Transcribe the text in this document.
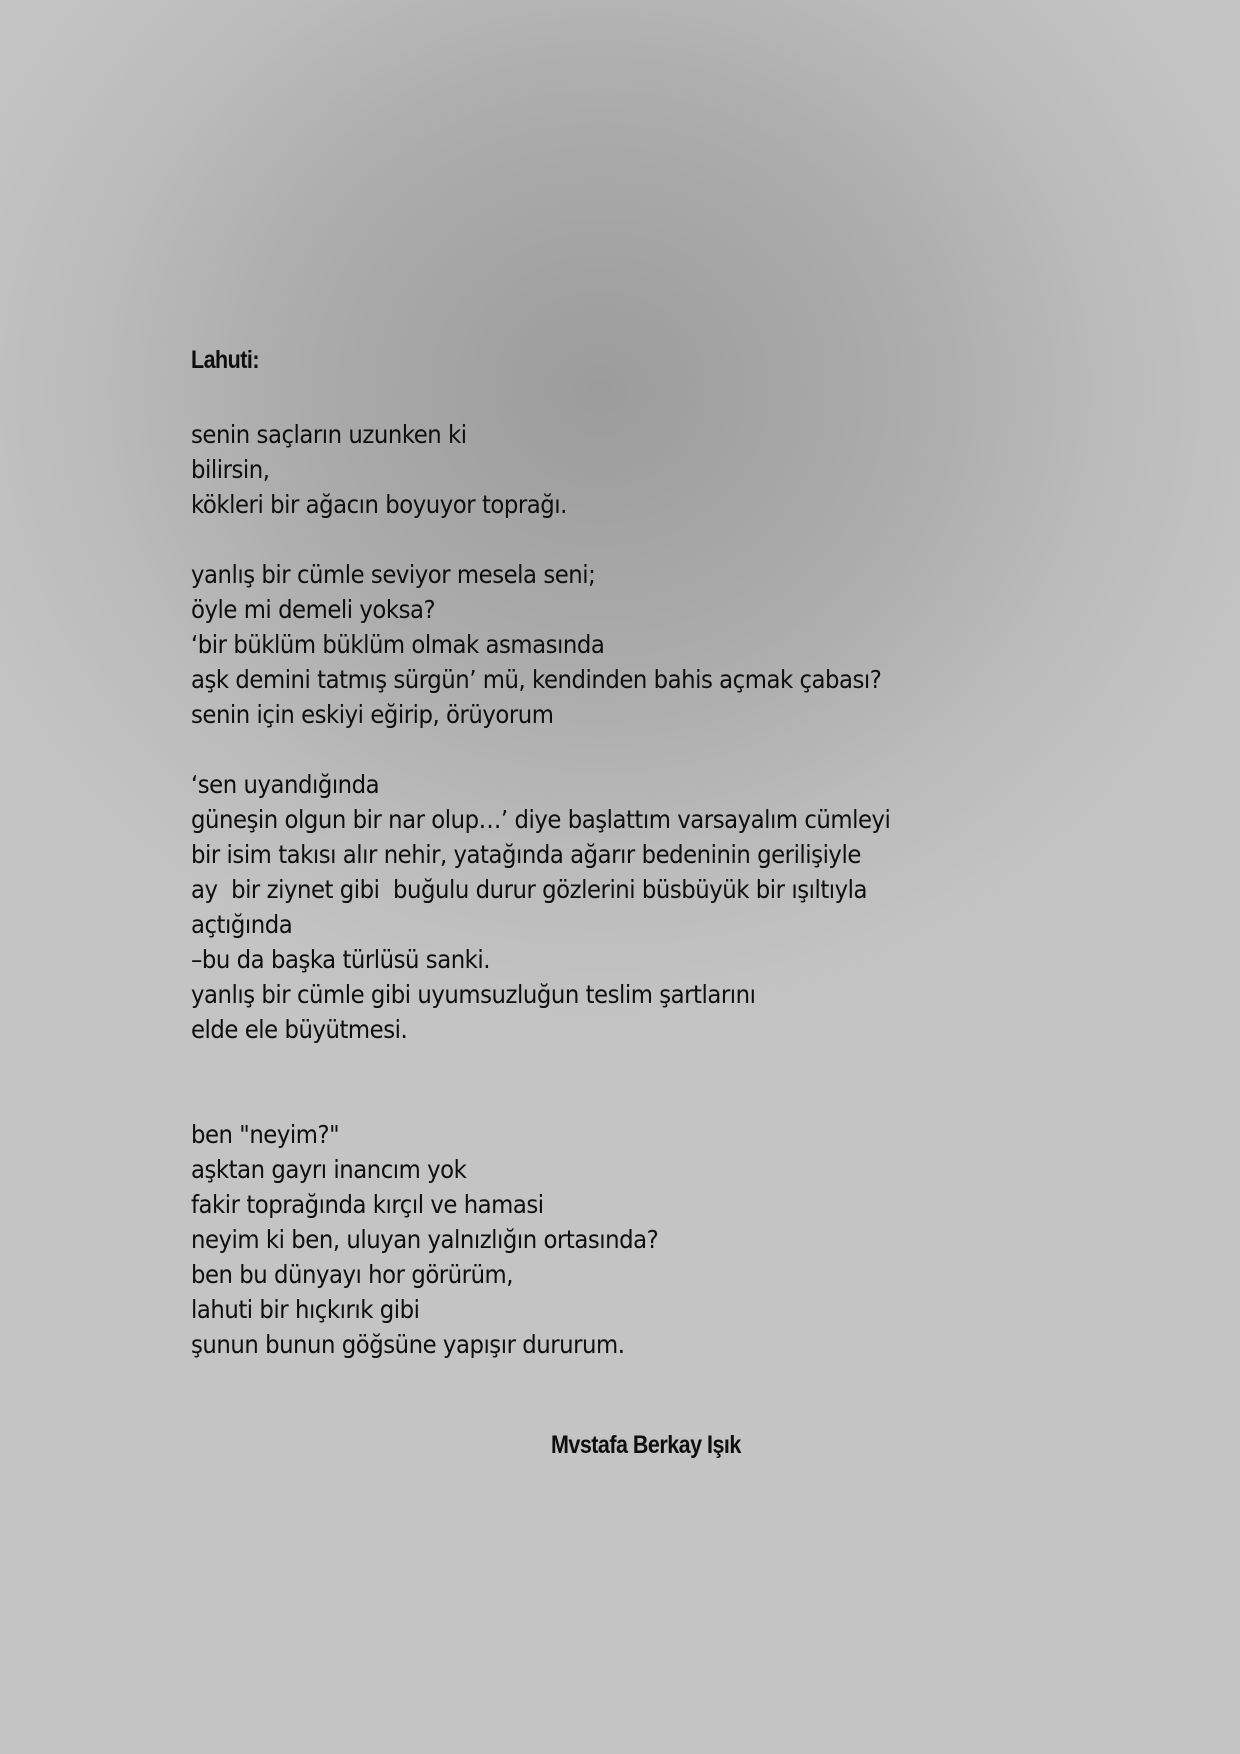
Lahuti:
senin saçların uzunken ki
bilirsin,
kökleri bir ağacın boyuyor toprağı.
yanlış bir cümle seviyor mesela seni;
öyle mi demeli yoksa?
‘bir büklüm büklüm olmak asmasında
aşk demini tatmış sürgün’ mü, kendinden bahis açmak çabası?
senin için eskiyi eğirip, örüyorum
‘sen uyandığında
güneşin olgun bir nar olup…’ diye başlattım varsayalım cümleyi
bir isim takısı alır nehir, yatağında ağarır bedeninin gerilişiyle
ay  bir ziynet gibi  buğulu durur gözlerini büsbüyük bir ışıltıyla
açtığında
–bu da başka türlüsü sanki.
yanlış bir cümle gibi uyumsuzluğun teslim şartlarını
elde ele büyütmesi.
ben "neyim?"
aşktan gayrı inancım yok
fakir toprağında kırçıl ve hamasi
neyim ki ben, uluyan yalnızlığın ortasında?
ben bu dünyayı hor görürüm,
lahuti bir hıçkırık gibi
şunun bunun göğsüne yapışır dururum.

Mvstafa Berkay Işık
